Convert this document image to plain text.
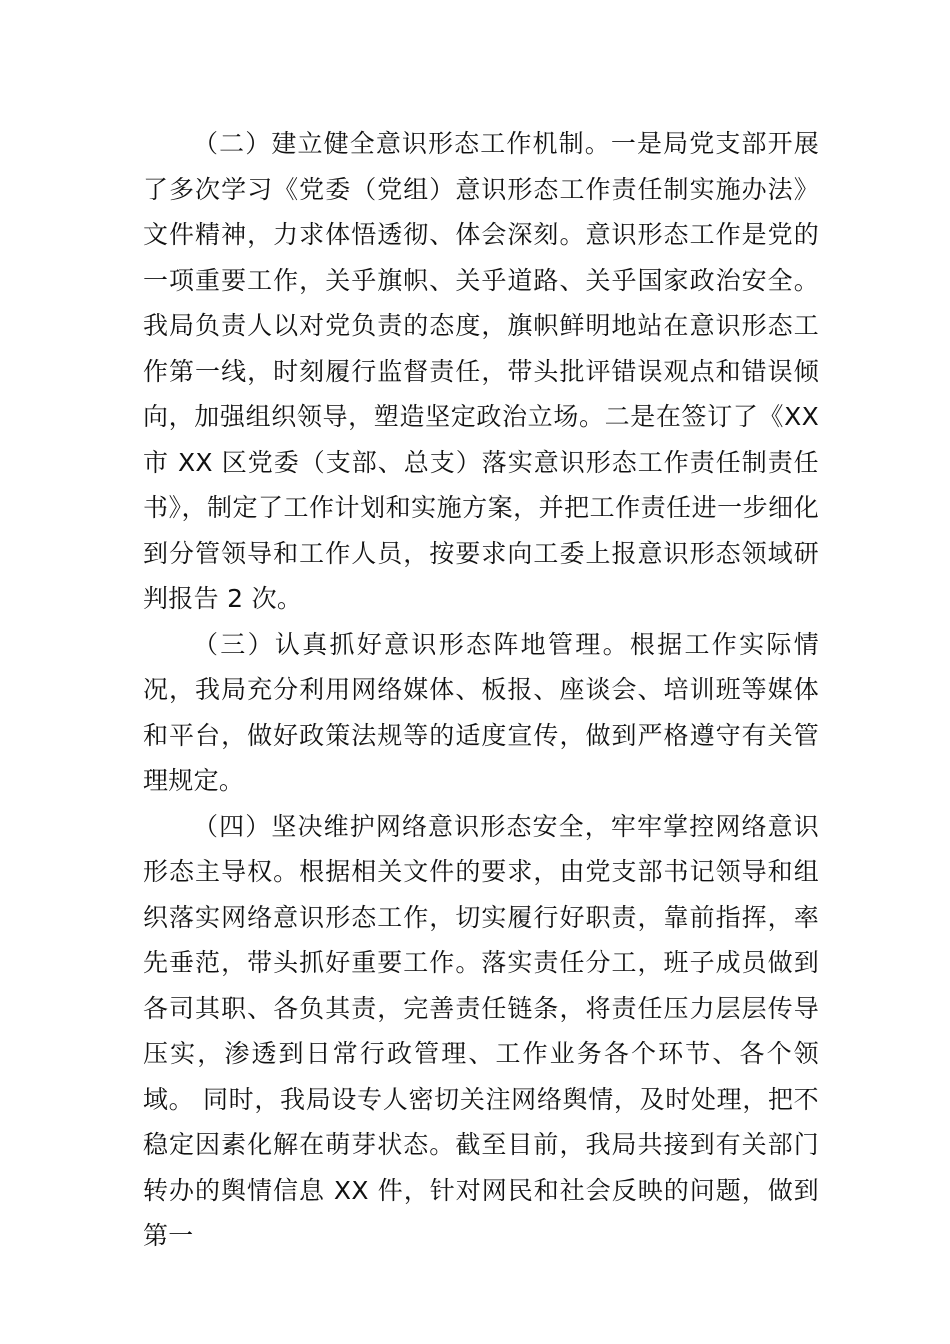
（二）建立健全意识形态工作机制。一是局党支部开展了多次学习《党委（党组）意识形态工作责任制实施办法》 文件精神，力求体悟透彻、体会深刻。意识形态工作是党的一项重要工作，关乎旗帜、关乎道路、关乎国家政治安全。 我局负责人以对党负责的态度，旗帜鲜明地站在意识形态工作第一线，时刻履行监督责任，带头批评错误观点和错误倾向，加强组织领导，塑造坚定政治立场。二是在签订了《XX 市 XX 区党委（支部、总支）落实意识形态工作责任制责任书》，制定了工作计划和实施方案，并把工作责任进一步细化到分管领导和工作人员，按要求向工委上报意识形态领域研判报告 2 次。

（三）认真抓好意识形态阵地管理。根据工作实际情况，我局充分利用网络媒体、板报、座谈会、培训班等媒体和平台，做好政策法规等的适度宣传，做到严格遵守有关管理规定。

（四）坚决维护网络意识形态安全，牢牢掌控网络意识形态主导权。根据相关文件的要求，由党支部书记领导和组织落实网络意识形态工作，切实履行好职责，靠前指挥，率先垂范，带头抓好重要工作。落实责任分工，班子成员做到各司其职、各负其责，完善责任链条，将责任压力层层传导压实，渗透到日常行政管理、工作业务各个环节、各个领域。 同时，我局设专人密切关注网络舆情，及时处理，把不稳定因素化解在萌芽状态。截至目前，我局共接到有关部门转办的舆情信息 XX 件，针对网民和社会反映的问题，做到第一
